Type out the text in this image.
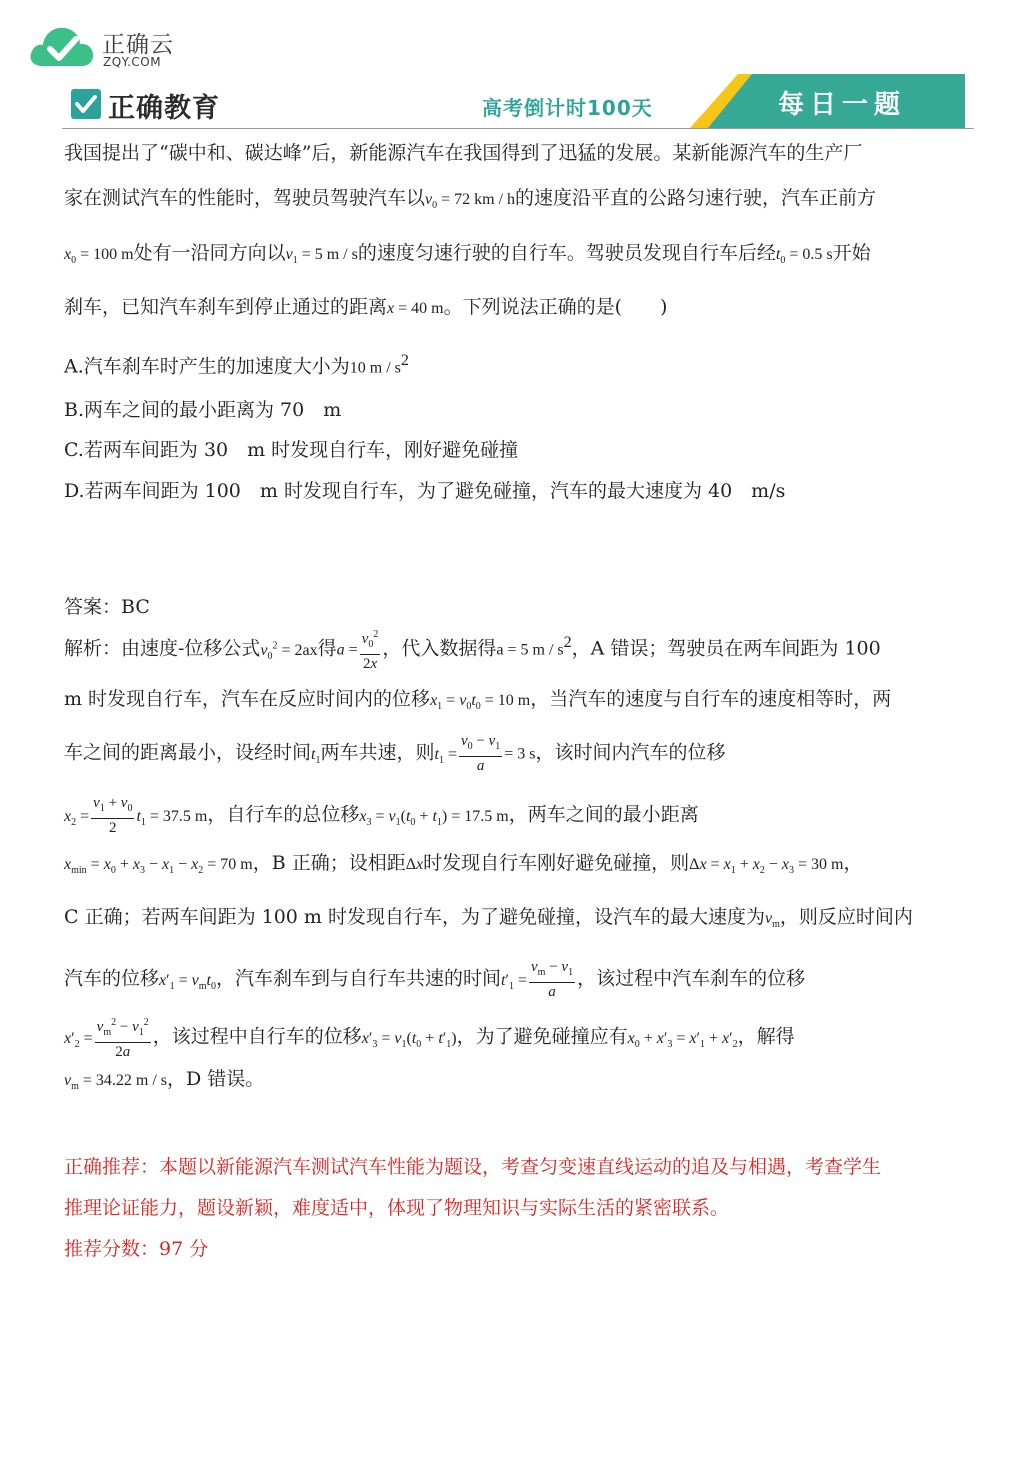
正确云
ZQY.COM
正确教育	高考倒计时100天	每日一题
我国提出了“碳中和、碳达峰”后，新能源汽车在我国得到了迅猛的发展。某新能源汽车的生产厂
家在测试汽车的性能时，驾驶员驾驶汽车以$v_0 = 72$ km / h的速度沿平直的公路匀速行驶，汽车正前方
$x_0 = 100$ m处有一沿同方向以$v_1 = 5$ m / s的速度匀速行驶的自行车。驾驶员发现自行车后经$t_0 = 0.5$ s开始
刹车，已知汽车刹车到停止通过的距离x = 40 m。下列说法正确的是(　　)
A.汽车刹车时产生的加速度大小为10 m / $s^2$
B.两车之间的最小距离为 70　m
C.若两车间距为 30　m 时发现自行车，刚好避免碰撞
D.若两车间距为 100　m 时发现自行车，为了避免碰撞，汽车的最大速度为 40　m/s
答案：BC
解析：由速度-位移公式$v_0^2 = 2ax$得$a = \frac{v_0^2}{2x}$ ，代入数据得a = 5 m / $s^2$，A 错误；驾驶员在两车间距为 100
m 时发现自行车，汽车在反应时间内的位移$x_1 = v_0t_0 = 10$ m，当汽车的速度与自行车的速度相等时，两
车之间的距离最小，设经时间$t_1$两车共速，则$t_1 = \frac{v_0 - v_1}{a} = 3$ s，该时间内汽车的位移
$x_2 = \frac{v_1 + v_0}{2} t_1 = 37.5$ m，自行车的总位移$x_3 = v_1(t_0 + t_1) = 17.5$ m，两车之间的最小距离
$x_{min} = x_0 + x_3 - x_1 - x_2 = 70$ m，B 正确；设相距Δx时发现自行车刚好避免碰撞，则$\Delta x = x_1 + x_2 - x_3 = 30$ m，
C 正确；若两车间距为 100 m 时发现自行车，为了避免碰撞，设汽车的最大速度为$v_m$，则反应时间内
汽车的位移$x'_1 = v_mt_0$，汽车刹车到与自行车共速的时间$t'_1 = \frac{v_m - v_1}{a}$ ，该过程中汽车刹车的位移
$x'_2 = \frac{v_m^2 - v_1^2}{2a}$ ，该过程中自行车的位移$x'_3 = v_1(t_0 + t'_1)$，为了避免碰撞应有$x_0 + x'_3 = x'_1 + x'_2$，解得
$v_m = 34.22$ m / s，D 错误。
正确推荐：本题以新能源汽车测试汽车性能为题设，考查匀变速直线运动的追及与相遇，考查学生
推理论证能力，题设新颖，难度适中，体现了物理知识与实际生活的紧密联系。
推荐分数：97 分
